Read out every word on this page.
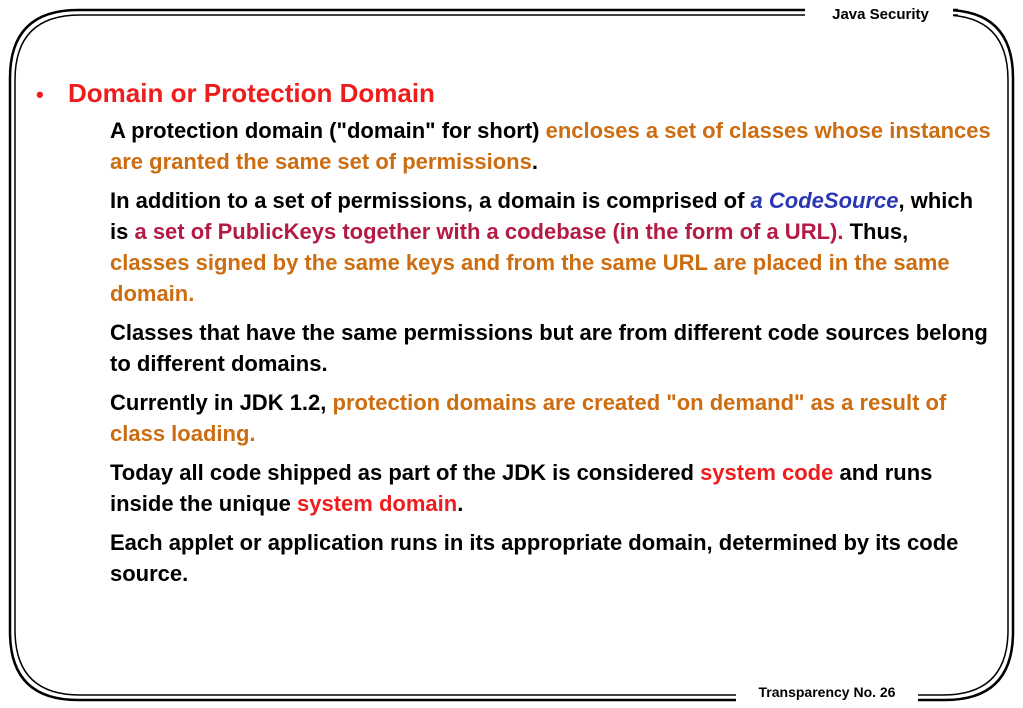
Java Security
Transparency No. 26
• Domain or Protection Domain
A protection domain ("domain" for short) encloses a set of classes whose instances are granted the same set of permissions.
In addition to a set of permissions, a domain is comprised of a CodeSource, which is a set of PublicKeys together with a codebase (in the form of a URL). Thus, classes signed by the same keys and from the same URL are placed in the same domain.
Classes that have the same permissions but are from different code sources belong to different domains.
Currently in JDK 1.2, protection domains are created "on demand" as a result of class loading.
Today all code shipped as part of the JDK is considered system code and runs inside the unique system domain.
Each applet or application runs in its appropriate domain, determined by its code source.
